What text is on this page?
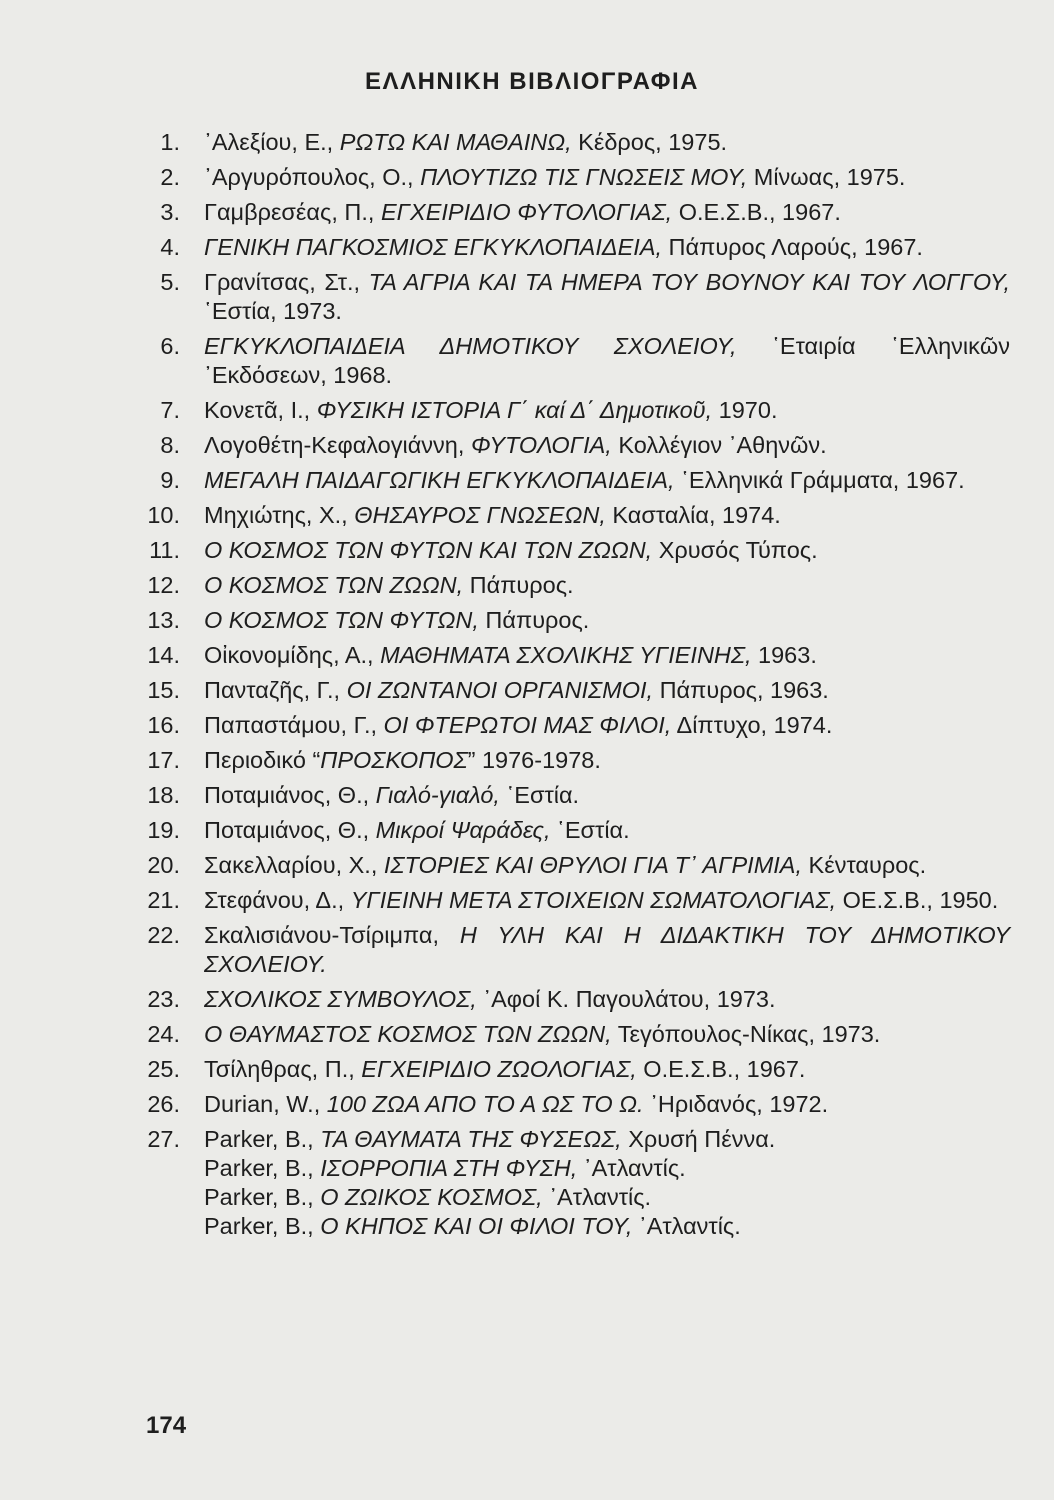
ΕΛΛΗΝΙΚΗ ΒΙΒΛΙΟΓΡΑΦΙΑ
1. ᾿Αλεξίου, Ε., ΡΩΤΩ ΚΑΙ ΜΑΘΑΙΝΩ, Κέδρος, 1975.
2. ᾿Αργυρόπουλος, Ο., ΠΛΟΥΤΙΖΩ ΤΙΣ ΓΝΩΣΕΙΣ ΜΟΥ, Μίνωας, 1975.
3. Γαμβρεσέας, Π., ΕΓΧΕΙΡΙΔΙΟ ΦΥΤΟΛΟΓΙΑΣ, Ο.Ε.Σ.Β., 1967.
4. ΓΕΝΙΚΗ ΠΑΓΚΟΣΜΙΟΣ ΕΓΚΥΚΛΟΠΑΙΔΕΙΑ, Πάπυρος Λαρούς, 1967.
5. Γρανίτσας, Στ., ΤΑ ΑΓΡΙΑ ΚΑΙ ΤΑ ΗΜΕΡΑ ΤΟΥ ΒΟΥΝΟΥ ΚΑΙ ΤΟΥ ΛΟΓΓΟΥ, ῾Εστία, 1973.
6. ΕΓΚΥΚΛΟΠΑΙΔΕΙΑ ΔΗΜΟΤΙΚΟΥ ΣΧΟΛΕΙΟΥ, ῾Εταιρία ῾Ελληνικῶν ᾿Εκδόσεων, 1968.
7. Κονετᾶ, Ι., ΦΥΣΙΚΗ ΙΣΤΟΡΙΑ Γ΄ καί Δ΄ Δημοτικοῦ, 1970.
8. Λογοθέτη-Κεφαλογιάννη, ΦΥΤΟΛΟΓΙΑ, Κολλέγιον ᾿Αθηνῶν.
9. ΜΕΓΑΛΗ ΠΑΙΔΑΓΩΓΙΚΗ ΕΓΚΥΚΛΟΠΑΙΔΕΙΑ, ῾Ελληνικά Γράμματα, 1967.
10. Μηχιώτης, Χ., ΘΗΣΑΥΡΟΣ ΓΝΩΣΕΩΝ, Κασταλία, 1974.
11. Ο ΚΟΣΜΟΣ ΤΩΝ ΦΥΤΩΝ ΚΑΙ ΤΩΝ ΖΩΩΝ, Χρυσός Τύπος.
12. Ο ΚΟΣΜΟΣ ΤΩΝ ΖΩΩΝ, Πάπυρος.
13. Ο ΚΟΣΜΟΣ ΤΩΝ ΦΥΤΩΝ, Πάπυρος.
14. Οἰκονομίδης, Α., ΜΑΘΗΜΑΤΑ ΣΧΟΛΙΚΗΣ ΥΓΙΕΙΝΗΣ, 1963.
15. Πανταζῆς, Γ., ΟΙ ΖΩΝΤΑΝΟΙ ΟΡΓΑΝΙΣΜΟΙ, Πάπυρος, 1963.
16. Παπαστάμου, Γ., ΟΙ ΦΤΕΡΩΤΟΙ ΜΑΣ ΦΙΛΟΙ, Δίπτυχο, 1974.
17. Περιοδικό “ΠΡΟΣΚΟΠΟΣ” 1976-1978.
18. Ποταμιάνος, Θ., Γιαλό-γιαλό, ῾Εστία.
19. Ποταμιάνος, Θ., Μικροί Ψαράδες, ῾Εστία.
20. Σακελλαρίου, Χ., ΙΣΤΟΡΙΕΣ ΚΑΙ ΘΡΥΛΟΙ ΓΙΑ Τ᾿ ΑΓΡΙΜΙΑ, Κένταυρος.
21. Στεφάνου, Δ., ΥΓΙΕΙΝΗ ΜΕΤΑ ΣΤΟΙΧΕΙΩΝ ΣΩΜΑΤΟΛΟΓΙΑΣ, ΟΕ.Σ.Β., 1950.
22. Σκαλισιάνου-Τσίριμπα, Η ΥΛΗ ΚΑΙ Η ΔΙΔΑΚΤΙΚΗ ΤΟΥ ΔΗΜΟΤΙΚΟΥ ΣΧΟΛΕΙΟΥ.
23. ΣΧΟΛΙΚΟΣ ΣΥΜΒΟΥΛΟΣ, ᾿Αφοί Κ. Παγουλάτου, 1973.
24. Ο ΘΑΥΜΑΣΤΟΣ ΚΟΣΜΟΣ ΤΩΝ ΖΩΩΝ, Τεγόπουλος-Νίκας, 1973.
25. Τσίληθρας, Π., ΕΓΧΕΙΡΙΔΙΟ ΖΩΟΛΟΓΙΑΣ, Ο.Ε.Σ.Β., 1967.
26. Durian, W., 100 ΖΩΑ ΑΠΟ ΤΟ Α ΩΣ ΤΟ Ω. ᾿Ηριδανός, 1972.
27. Parker, B., ΤΑ ΘΑΥΜΑΤΑ ΤΗΣ ΦΥΣΕΩΣ, Χρυσή Πέννα.
Parker, B., ΙΣΟΡΡΟΠΙΑ ΣΤΗ ΦΥΣΗ, ᾿Ατλαντίς.
Parker, B., Ο ΖΩΙΚΟΣ ΚΟΣΜΟΣ, ᾿Ατλαντίς.
Parker, B., Ο ΚΗΠΟΣ ΚΑΙ ΟΙ ΦΙΛΟΙ ΤΟΥ, ᾿Ατλαντίς.
174
